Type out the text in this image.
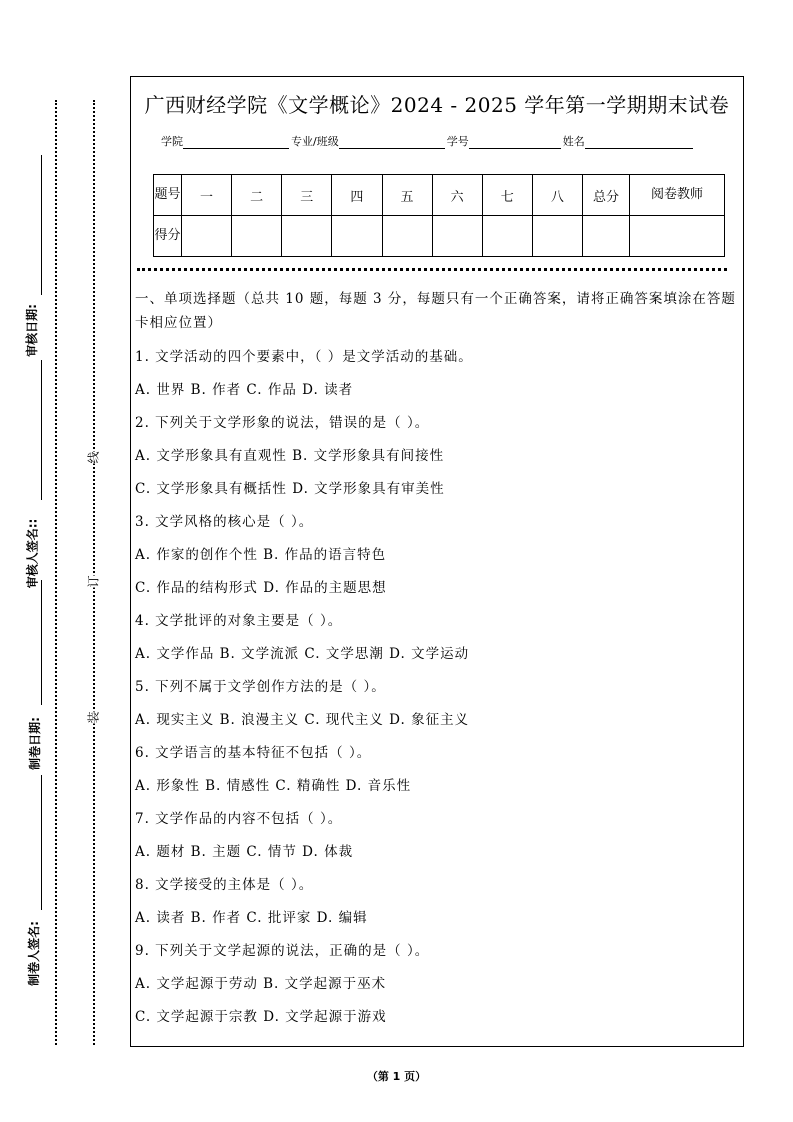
审核日期:
审核人签名::
制卷日期:
制卷人签名:
线
订
装
广西财经学院《文学概论》2024 - 2025 学年第一学期期末试卷
学院	专业/班级	学号	姓名
题号	一	二	三	四	五	六	七	八	总分	阅卷教师
得分										

一、单项选择题（总共 10 题，每题 3 分，每题只有一个正确答案，请将正确答案填涂在答题卡相应位置）

1. 文学活动的四个要素中，（ ）是文学活动的基础。

A. 世界 B. 作者 C. 作品 D. 读者

2. 下列关于文学形象的说法，错误的是（ ）。

A. 文学形象具有直观性 B. 文学形象具有间接性

C. 文学形象具有概括性 D. 文学形象具有审美性

3. 文学风格的核心是（ ）。

A. 作家的创作个性 B. 作品的语言特色

C. 作品的结构形式 D. 作品的主题思想

4. 文学批评的对象主要是（ ）。

A. 文学作品 B. 文学流派 C. 文学思潮 D. 文学运动

5. 下列不属于文学创作方法的是（ ）。

A. 现实主义 B. 浪漫主义 C. 现代主义 D. 象征主义

6. 文学语言的基本特征不包括（ ）。

A. 形象性 B. 情感性 C. 精确性 D. 音乐性

7. 文学作品的内容不包括（ ）。

A. 题材 B. 主题 C. 情节 D. 体裁

8. 文学接受的主体是（ ）。

A. 读者 B. 作者 C. 批评家 D. 编辑

9. 下列关于文学起源的说法，正确的是（ ）。

A. 文学起源于劳动 B. 文学起源于巫术

C. 文学起源于宗教 D. 文学起源于游戏

（第 1 页）
